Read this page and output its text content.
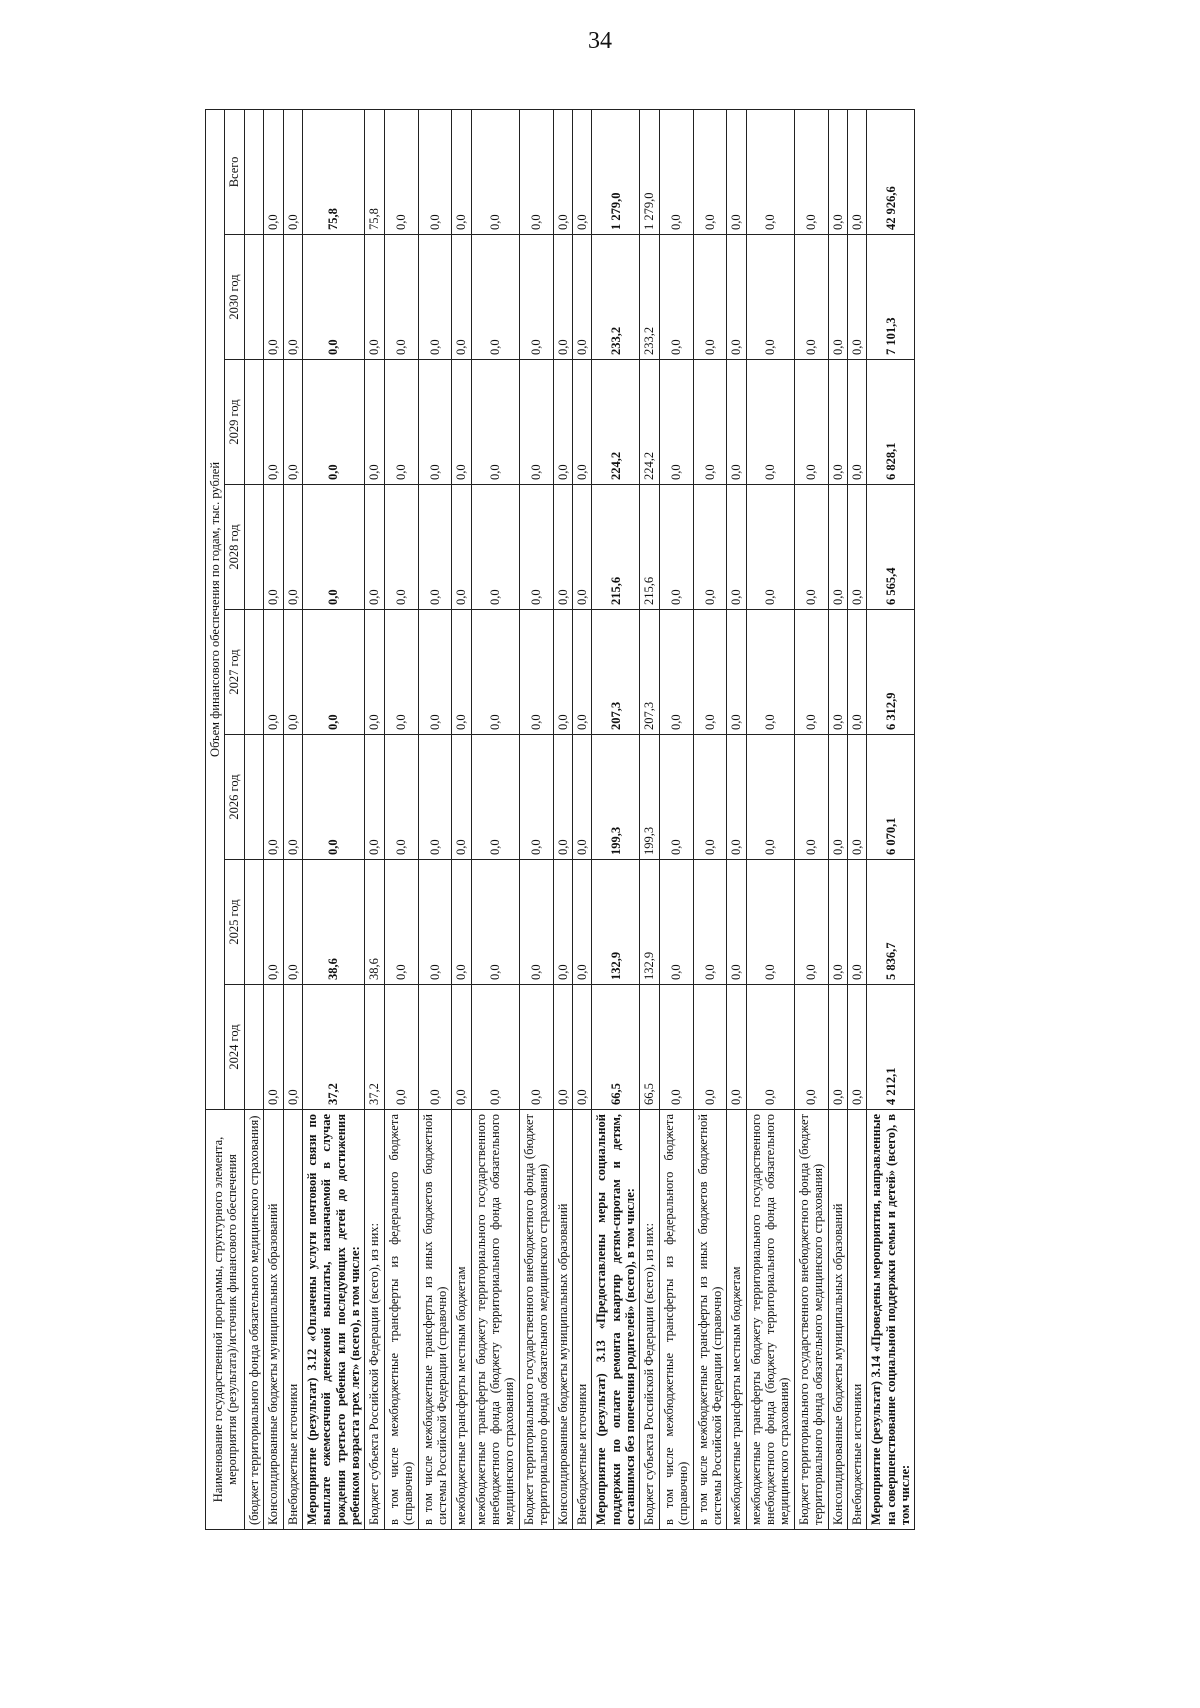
34
Наименование государственной программы, структурного элемента, мероприятия (результата)/источник финансового обеспечения	Объем финансового обеспечения по годам, тыс. рублей							
	2024 год	2025 год	2026 год	2027 год	2028 год	2029 год	2030 год	Всего
(бюджет территориального фонда обязательного медицинского страхования)								
Консолидированные бюджеты муниципальных образований	0,0	0,0	0,0	0,0	0,0	0,0	0,0	0,0
Внебюджетные источники	0,0	0,0	0,0	0,0	0,0	0,0	0,0	0,0
Мероприятие (результат) 3.12 «Оплачены услуги почтовой связи по выплате ежемесячной денежной выплаты, назначаемой в случае рождения третьего ребенка или последующих детей до достижения ребенком возраста трех лет» (всего), в том числе:	37,2	38,6	0,0	0,0	0,0	0,0	0,0	75,8
Бюджет субъекта Российской Федерации (всего), из них:	37,2	38,6	0,0	0,0	0,0	0,0	0,0	75,8
в том числе межбюджетные трансферты из федерального бюджета (справочно)	0,0	0,0	0,0	0,0	0,0	0,0	0,0	0,0
в том числе межбюджетные трансферты из иных бюджетов бюджетной системы Российской Федерации (справочно)	0,0	0,0	0,0	0,0	0,0	0,0	0,0	0,0
межбюджетные трансферты местным бюджетам	0,0	0,0	0,0	0,0	0,0	0,0	0,0	0,0
межбюджетные трансферты бюджету территориального государственного внебюджетного фонда (бюджету территориального фонда обязательного медицинского страхования)	0,0	0,0	0,0	0,0	0,0	0,0	0,0	0,0
Бюджет территориального государственного внебюджетного фонда (бюджет территориального фонда обязательного медицинского страхования)	0,0	0,0	0,0	0,0	0,0	0,0	0,0	0,0
Консолидированные бюджеты муниципальных образований	0,0	0,0	0,0	0,0	0,0	0,0	0,0	0,0
Внебюджетные источники	0,0	0,0	0,0	0,0	0,0	0,0	0,0	0,0
Мероприятие (результат) 3.13 «Предоставлены меры социальной поддержки по оплате ремонта квартир детям-сиротам и детям, оставшимся без попечения родителей» (всего), в том числе:	66,5	132,9	199,3	207,3	215,6	224,2	233,2	1 279,0
Бюджет субъекта Российской Федерации (всего), из них:	66,5	132,9	199,3	207,3	215,6	224,2	233,2	1 279,0
в том числе межбюджетные трансферты из федерального бюджета (справочно)	0,0	0,0	0,0	0,0	0,0	0,0	0,0	0,0
в том числе межбюджетные трансферты из иных бюджетов бюджетной системы Российской Федерации (справочно)	0,0	0,0	0,0	0,0	0,0	0,0	0,0	0,0
межбюджетные трансферты местным бюджетам	0,0	0,0	0,0	0,0	0,0	0,0	0,0	0,0
межбюджетные трансферты бюджету территориального государственного внебюджетного фонда (бюджету территориального фонда обязательного медицинского страхования)	0,0	0,0	0,0	0,0	0,0	0,0	0,0	0,0
Бюджет территориального государственного внебюджетного фонда (бюджет территориального фонда обязательного медицинского страхования)	0,0	0,0	0,0	0,0	0,0	0,0	0,0	0,0
Консолидированные бюджеты муниципальных образований	0,0	0,0	0,0	0,0	0,0	0,0	0,0	0,0
Внебюджетные источники	0,0	0,0	0,0	0,0	0,0	0,0	0,0	0,0
Мероприятие (результат) 3.14 «Проведены мероприятия, направленные на совершенствование социальной поддержки семьи и детей» (всего), в том числе:	4 212,1	5 836,7	6 070,1	6 312,9	6 565,4	6 828,1	7 101,3	42 926,6
